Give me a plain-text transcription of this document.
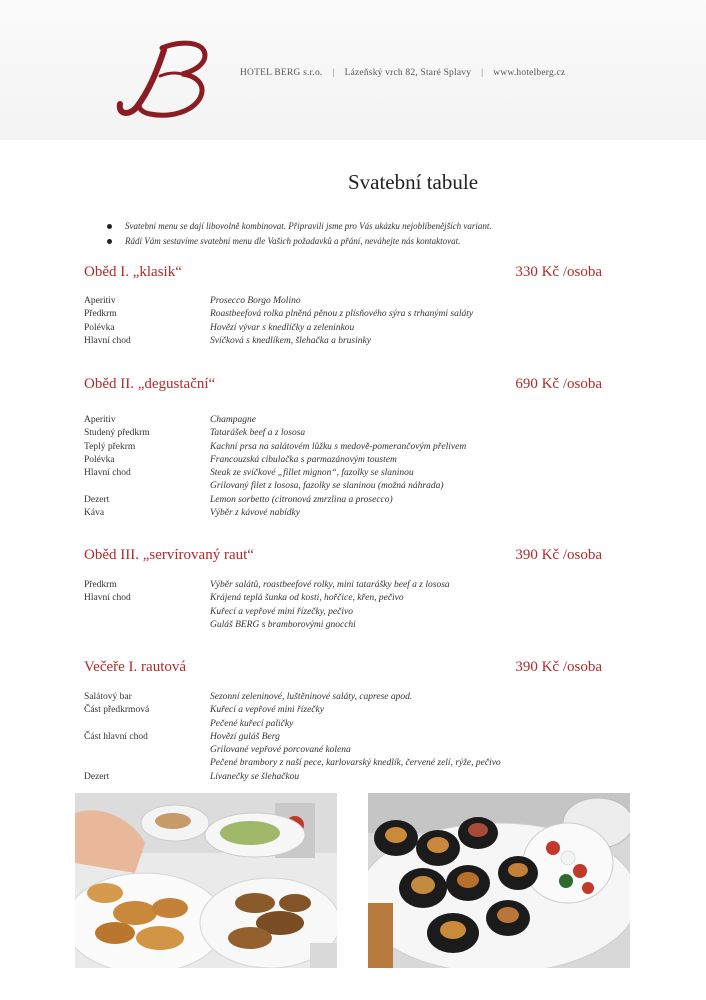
HOTEL BERG s.r.o. | Lázeňský vrch 82, Staré Splavy | www.hotelberg.cz
Svatební tabule
Svatební menu se dají libovolně kombinovat. Připravili jsme pro Vás ukázku nejoblíbenějších variant.
Rádi Vám sestavíme svatební menu dle Vašich požadavků a přání, neváhejte nás kontaktovat.
Oběd I. „klasik“	330 Kč /osoba
Aperitiv	Prosecco Borgo Molino
Předkrm	Roastbeefová rolka plněná pěnou z plísňového sýra s trhanými saláty
Polévka	Hovězí vývar s knedlíčky a zeleninkou
Hlavní chod	Svíčková s knedlíkem, šlehačka a brusinky
Oběd II. „degustační“	690 Kč /osoba
Aperitiv	Champagne
Studený předkrm	Tatarášek beef a z lososa
Teplý překrm	Kachní prsa na salátovém lůžku s medově-pomerančovým přelivem
Polévka	Francouzská cibulačka s parmazánovým toustem
Hlavní chod	Steak ze svíčkové „fillet mignon“, fazolky se slaninou
Grilovaný filet z lososa, fazolky se slaninou (možná náhrada)
Dezert	Lemon sorbetto (citronová zmrzlina a prosecco)
Káva	Výběr z kávové nabídky
Oběd III. „servírovaný raut“	390 Kč /osoba
Předkrm	Výběr salátů, roastbeefové rolky, mini tatarášky beef a z lososa
Hlavní chod	Krájená teplá šunka od kosti, hořčice, křen, pečivo
Kuřecí a vepřové mini řízečky, pečivo
Guláš BERG s bramborovými gnocchi
Večeře I. rautová	390 Kč /osoba
Salátový bar	Sezonní zeleninové, luštěninové saláty, caprese apod.
Část předkrmová	Kuřecí a vepřové mini řízečky
Pečené kuřecí paličky
Část hlavní chod	Hovězí guláš Berg
Grilované vepřové porcované kolena
Pečené brambory z naší pece, karlovarský knedlík, červené zelí, rýže, pečivo
Dezert	Lívanečky se šlehačkou
